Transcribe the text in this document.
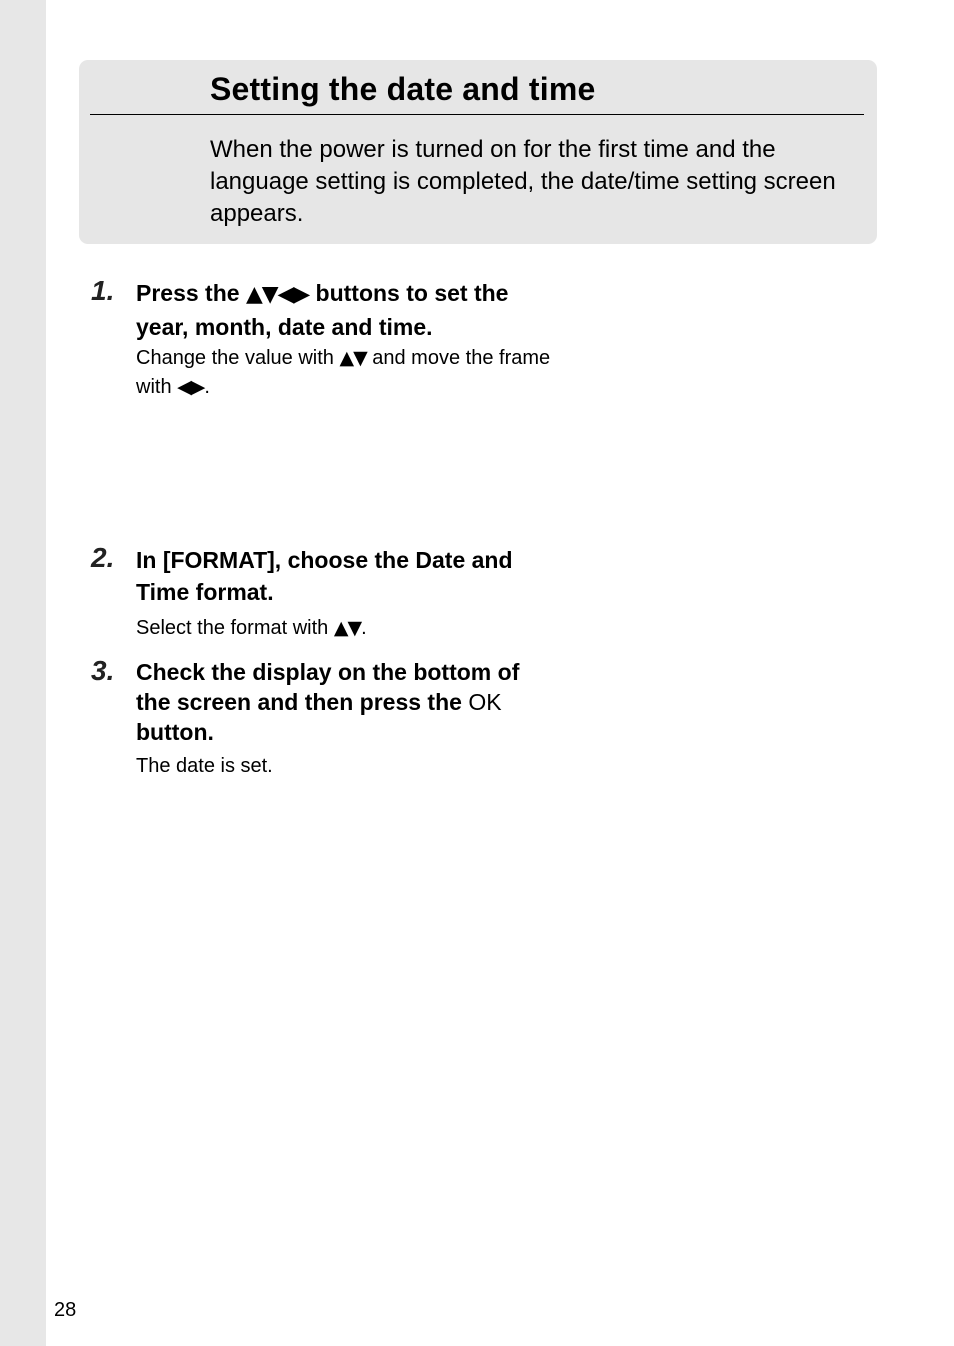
Setting the date and time

When the power is turned on for the first time and the language setting is completed, the date/time setting screen appears.

1. Press the ▲▼◀▶ buttons to set the year, month, date and time.

Change the value with ▲▼ and move the frame with ◀▶.

2. In [FORMAT], choose the Date and Time format.

Select the format with ▲▼.

3. Check the display on the bottom of the screen and then press the OK button.

The date is set.

28
